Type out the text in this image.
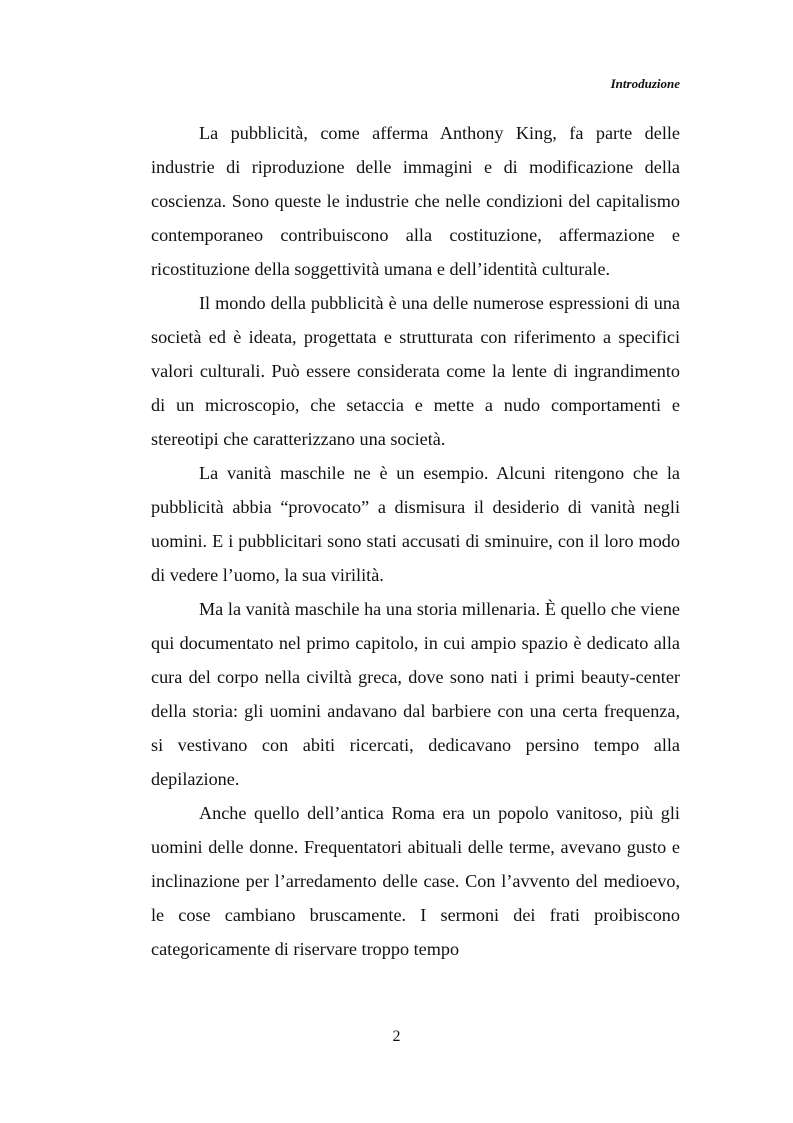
Introduzione

La pubblicità, come afferma Anthony King, fa parte delle industrie di riproduzione delle immagini e di modificazione della coscienza. Sono queste le industrie che nelle condizioni del capitalismo contemporaneo contribuiscono alla costituzione, affermazione e ricostituzione della soggettività umana e dell’identità culturale.

Il mondo della pubblicità è una delle numerose espressioni di una società ed è ideata, progettata e strutturata con riferimento a specifici valori culturali. Può essere considerata come la lente di ingrandimento di un microscopio, che setaccia e mette a nudo comportamenti e stereotipi che caratterizzano una società.

La vanità maschile ne è un esempio. Alcuni ritengono che la pubblicità abbia “provocato” a dismisura il desiderio di vanità negli uomini. E i pubblicitari sono stati accusati di sminuire, con il loro modo di vedere l’uomo, la sua virilità.

Ma la vanità maschile ha una storia millenaria. È quello che viene qui documentato nel primo capitolo, in cui ampio spazio è dedicato alla cura del corpo nella civiltà greca, dove sono nati i primi beauty-center della storia: gli uomini andavano dal barbiere con una certa frequenza, si vestivano con abiti ricercati, dedicavano persino tempo alla depilazione.

Anche quello dell’antica Roma era un popolo vanitoso, più gli uomini delle donne. Frequentatori abituali delle terme, avevano gusto e inclinazione per l’arredamento delle case. Con l’avvento del medioevo, le cose cambiano bruscamente. I sermoni dei frati proibiscono categoricamente di riservare troppo tempo

2
